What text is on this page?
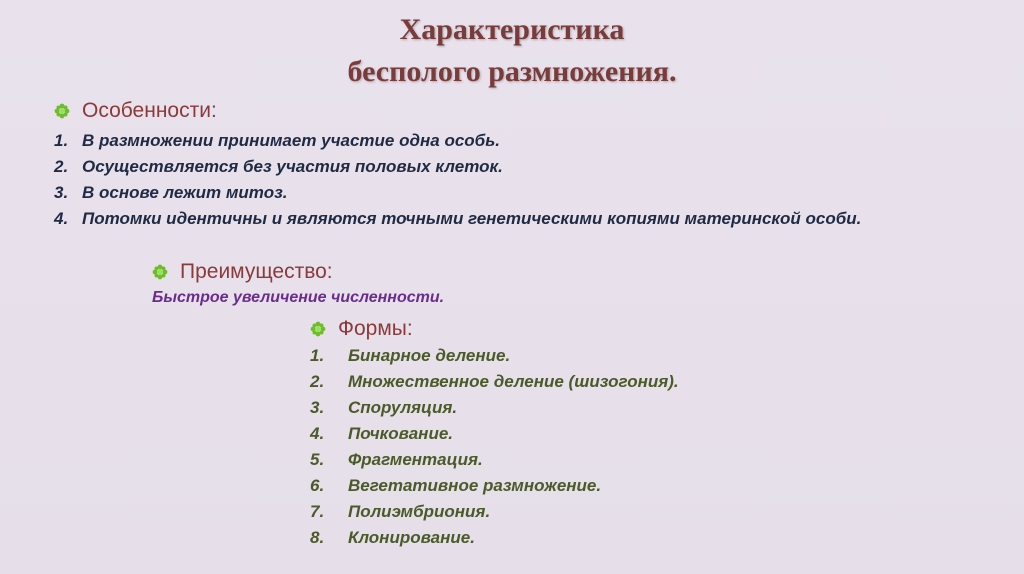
Характеристика
бесполого размножения.
Особенности:
1. В размножении принимает участие одна особь.
2. Осуществляется без участия половых клеток.
3. В основе лежит митоз.
4. Потомки идентичны и являются точными генетическими копиями материнской особи.
Преимущество:
Быстрое увеличение численности.
Формы:
1.	Бинарное деление.
2.	Множественное деление (шизогония).
3.	Споруляция.
4.	Почкование.
5.	Фрагментация.
6.	Вегетативное размножение.
7.	Полиэмбриония.
8.	Клонирование.
